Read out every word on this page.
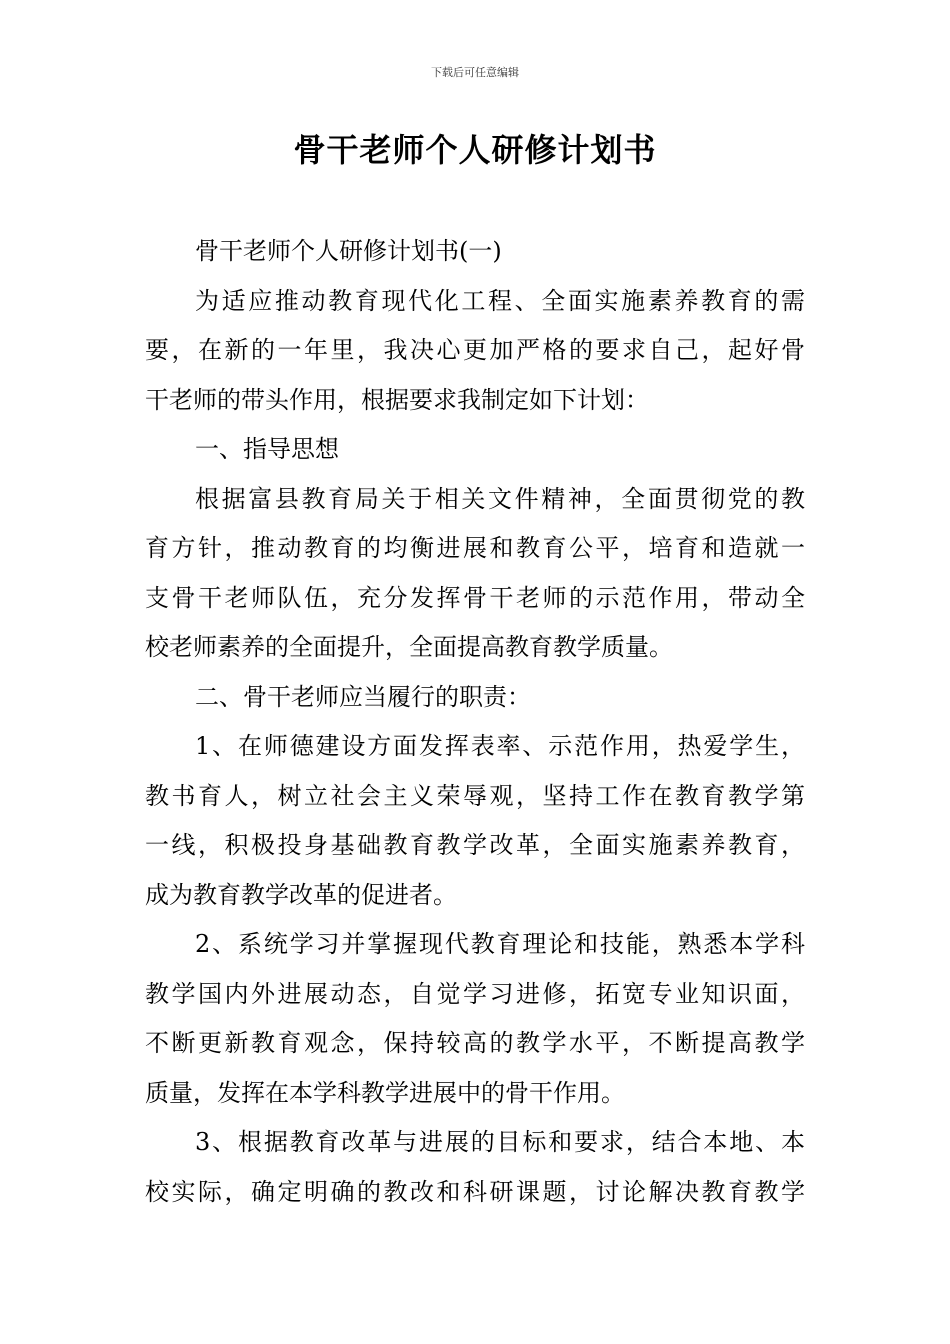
下载后可任意编辑
骨干老师个人研修计划书
骨干老师个人研修计划书(一)
为适应推动教育现代化工程、全面实施素养教育的需
要，在新的一年里，我决心更加严格的要求自己，起好骨
干老师的带头作用，根据要求我制定如下计划：
一、指导思想
根据富县教育局关于相关文件精神，全面贯彻党的教
育方针，推动教育的均衡进展和教育公平，培育和造就一
支骨干老师队伍，充分发挥骨干老师的示范作用，带动全
校老师素养的全面提升，全面提高教育教学质量。
二、骨干老师应当履行的职责：
1、在师德建设方面发挥表率、示范作用，热爱学生，
教书育人，树立社会主义荣辱观，坚持工作在教育教学第
一线，积极投身基础教育教学改革，全面实施素养教育，
成为教育教学改革的促进者。
2、系统学习并掌握现代教育理论和技能，熟悉本学科
教学国内外进展动态，自觉学习进修，拓宽专业知识面，
不断更新教育观念，保持较高的教学水平，不断提高教学
质量，发挥在本学科教学进展中的骨干作用。
3、根据教育改革与进展的目标和要求，结合本地、本
校实际，确定明确的教改和科研课题，讨论解决教育教学
